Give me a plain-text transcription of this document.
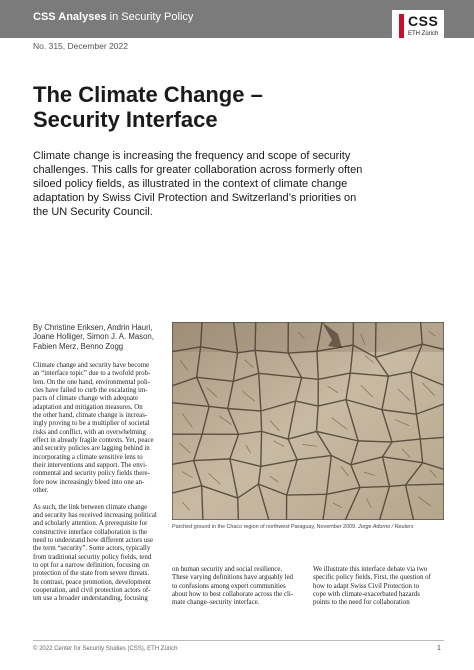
CSS Analyses in Security Policy	CSS
ETH Zürich
No. 315, December 2022
The Climate Change –
Security Interface
Climate change is increasing the frequency and scope of security
challenges. This calls for greater collaboration across formerly often
siloed policy fields, as illustrated in the context of climate change
adaptation by Swiss Civil Protection and Switzerland’s priorities on
the UN Security Council.
By Christine Eriksen, Andrin Hauri,
Joane Holliger, Simon J. A. Mason,
Fabien Merz, Benno Zogg
Climate change and security have become
an “interface topic” due to a twofold prob-
lem. On the one hand, environmental poli-
cies have failed to curb the escalating im-
pacts of climate change with adequate
adaptation and mitigation measures. On
the other hand, climate change is increas-
ingly proving to be a multiplier of societal
risks and conflict, with an overwhelming
effect in already fragile contexts. Yet, peace
and security policies are lagging behind in
incorporating a climate sensitive lens to
their interventions and support. The envi-
ronmental and security policy fields there-
fore now increasingly bleed into one an-
other.
As such, the link between climate change
and security has received increasing political
and scholarly attention. A prerequisite for
constructive interface collaboration is the
need to understand how different actors use
the term “security”. Some actors, typically
from traditional security policy fields, tend
to opt for a narrow definition, focusing on
protection of the state from severe threats.
In contrast, peace promotion, development
cooperation, and civil protection actors of-
ten use a broader understanding, focusing
Parched ground in the Chaco region of northwest Paraguay, November 2009. Jorge Adorno / Reuters
on human security and social resilience.
These varying definitions have arguably led
to confusions among expert communities
about how to best collaborate across the cli-
mate change–security interface.
We illustrate this interface debate via two
specific policy fields. First, the question of
how to adapt Swiss Civil Protection to
cope with climate-exacerbated hazards
points to the need for collaboration
© 2022 Center for Security Studies (CSS), ETH Zürich	1
